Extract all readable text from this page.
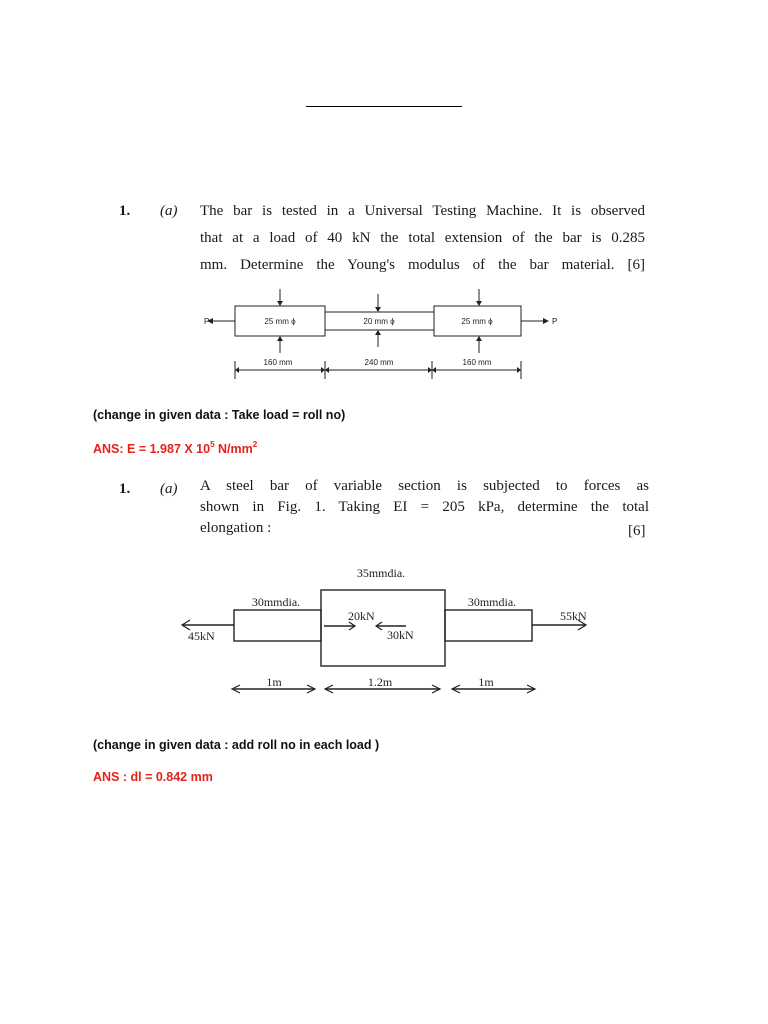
1. (a) The bar is tested in a Universal Testing Machine. It is observed
that at a load of 40 kN the total extension of the bar is 0.285
mm. Determine the Young's modulus of the bar material. [6]
P	P
25 mm ϕ	20 mm ϕ	25 mm ϕ
160 mm	240 mm	160 mm
(change in given data : Take load = roll no)
ANS: E = 1.987 X $10^5$ $N/mm^2$
1. (a) A steel bar of variable section is subjected to forces as
shown in Fig. 1. Taking EI = 205 kPa, determine the total
elongation :	[6]
35mmdia.
30mmdia.	30mmdia.
45kN
20kN
30kN
55kN
1m	1.2m	1m
(change in given data : add roll no in each load )
ANS : dl = 0.842 mm
